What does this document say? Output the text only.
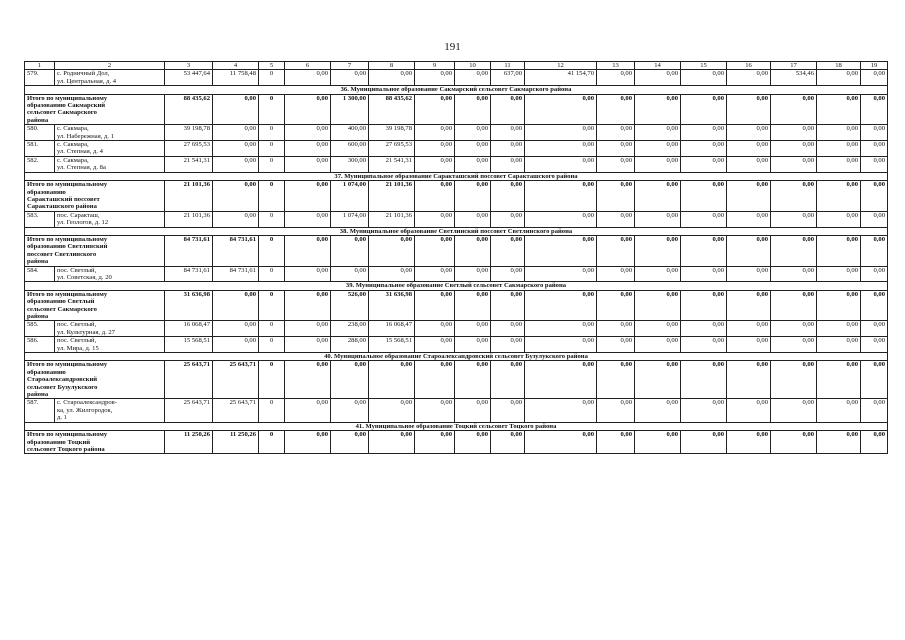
191
1	2	3	4	5	6	7	8	9	10	11	12	13	14	15	16	17	18	19
579.	с. Родничный Дол,
ул. Центральная, д. 4	53 447,64	11 758,48	0	0,00	0,00	0,00	0,00	0,00	637,00	41 154,70	0,00	0,00	0,00	0,00	534,46	0,00	0,00
36. Муниципальное образование Сакмарский сельсовет Сакмарского района																		
Итого по муниципальному
образованию Сакмарский
сельсовет Сакмарского
района		88 435,62	0,00	0	0,00	1 300,00	88 435,62	0,00	0,00	0,00	0,00	0,00	0,00	0,00	0,00	0,00	0,00	0,00
580.	с. Сакмара,
ул. Набережная, д. 1	39 198,78	0,00	0	0,00	400,00	39 198,78	0,00	0,00	0,00	0,00	0,00	0,00	0,00	0,00	0,00	0,00	0,00
581.	с. Сакмара,
ул. Степная, д. 4	27 695,53	0,00	0	0,00	600,00	27 695,53	0,00	0,00	0,00	0,00	0,00	0,00	0,00	0,00	0,00	0,00	0,00
582.	с. Сакмара,
ул. Степная, д. 8а	21 541,31	0,00	0	0,00	300,00	21 541,31	0,00	0,00	0,00	0,00	0,00	0,00	0,00	0,00	0,00	0,00	0,00
37. Муниципальное образование Саракташский поссовет Саракташского района																		
Итого по муниципальному
образованию
Саракташский поссовет
Саракташского района		21 101,36	0,00	0	0,00	1 074,00	21 101,36	0,00	0,00	0,00	0,00	0,00	0,00	0,00	0,00	0,00	0,00	0,00
583.	пос. Саракташ,
ул. Геологов, д. 12	21 101,36	0,00	0	0,00	1 074,00	21 101,36	0,00	0,00	0,00	0,00	0,00	0,00	0,00	0,00	0,00	0,00	0,00
38. Муниципальное образование Светлинский поссовет Светлинского района																		
Итого по муниципальному
образованию Светлинский
поссовет Светлинского
района		84 731,61	84 731,61	0	0,00	0,00	0,00	0,00	0,00	0,00	0,00	0,00	0,00	0,00	0,00	0,00	0,00	0,00
584.	пос. Светлый,
ул. Советская, д. 20	84 731,61	84 731,61	0	0,00	0,00	0,00	0,00	0,00	0,00	0,00	0,00	0,00	0,00	0,00	0,00	0,00	0,00
39. Муниципальное образование Светлый сельсовет Сакмарского района																		
Итого по муниципальному
образованию Светлый
сельсовет Сакмарского
района		31 636,98	0,00	0	0,00	526,00	31 636,98	0,00	0,00	0,00	0,00	0,00	0,00	0,00	0,00	0,00	0,00	0,00
585.	пос. Светлый,
ул. Культурная, д. 27	16 068,47	0,00	0	0,00	238,00	16 068,47	0,00	0,00	0,00	0,00	0,00	0,00	0,00	0,00	0,00	0,00	0,00
586.	пос. Светлый,
ул. Мира, д. 15	15 568,51	0,00	0	0,00	288,00	15 568,51	0,00	0,00	0,00	0,00	0,00	0,00	0,00	0,00	0,00	0,00	0,00
40. Муниципальное образование Староалександровский сельсовет Бузулукского района																		
Итого по муниципальному
образованию
Староалександровский
сельсовет Бузулукского
района		25 643,71	25 643,71	0	0,00	0,00	0,00	0,00	0,00	0,00	0,00	0,00	0,00	0,00	0,00	0,00	0,00	0,00
587.	с. Староалександров-
ка, ул. Жилгородок,
д. 1	25 643,71	25 643,71	0	0,00	0,00	0,00	0,00	0,00	0,00	0,00	0,00	0,00	0,00	0,00	0,00	0,00	0,00
41. Муниципальное образование Тоцкий сельсовет Тоцкого района																		
Итого по муниципальному
образованию Тоцкий
сельсовет Тоцкого района		11 250,26	11 250,26	0	0,00	0,00	0,00	0,00	0,00	0,00	0,00	0,00	0,00	0,00	0,00	0,00	0,00	0,00
